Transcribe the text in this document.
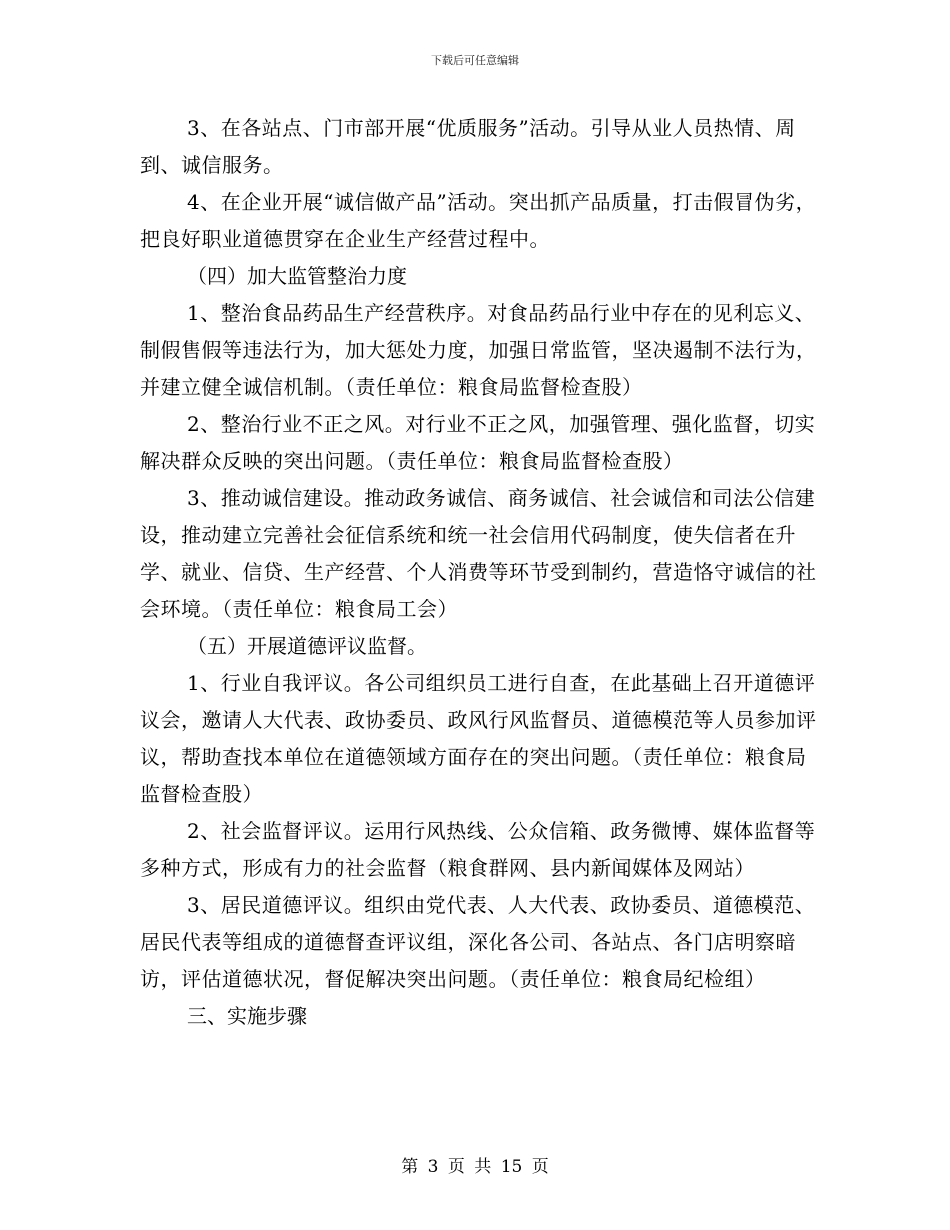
下载后可任意编辑

3、在各站点、门市部开展“优质服务”活动。引导从业人员热情、周到、诚信服务。

4、在企业开展“诚信做产品”活动。突出抓产品质量，打击假冒伪劣，把良好职业道德贯穿在企业生产经营过程中。

（四）加大监管整治力度

1、整治食品药品生产经营秩序。对食品药品行业中存在的见利忘义、制假售假等违法行为，加大惩处力度，加强日常监管，坚决遏制不法行为，并建立健全诚信机制。（责任单位：粮食局监督检查股）

2、整治行业不正之风。对行业不正之风，加强管理、强化监督，切实解决群众反映的突出问题。（责任单位：粮食局监督检查股）

3、推动诚信建设。推动政务诚信、商务诚信、社会诚信和司法公信建设，推动建立完善社会征信系统和统一社会信用代码制度，使失信者在升学、就业、信贷、生产经营、个人消费等环节受到制约，营造恪守诚信的社会环境。（责任单位：粮食局工会）

（五）开展道德评议监督。

1、行业自我评议。各公司组织员工进行自查，在此基础上召开道德评议会，邀请人大代表、政协委员、政风行风监督员、道德模范等人员参加评议，帮助查找本单位在道德领域方面存在的突出问题。（责任单位：粮食局监督检查股）

2、社会监督评议。运用行风热线、公众信箱、政务微博、媒体监督等多种方式，形成有力的社会监督（粮食群网、县内新闻媒体及网站）

3、居民道德评议。组织由党代表、人大代表、政协委员、道德模范、居民代表等组成的道德督查评议组，深化各公司、各站点、各门店明察暗访，评估道德状况，督促解决突出问题。（责任单位：粮食局纪检组）

三、实施步骤

第 3 页 共 15 页
